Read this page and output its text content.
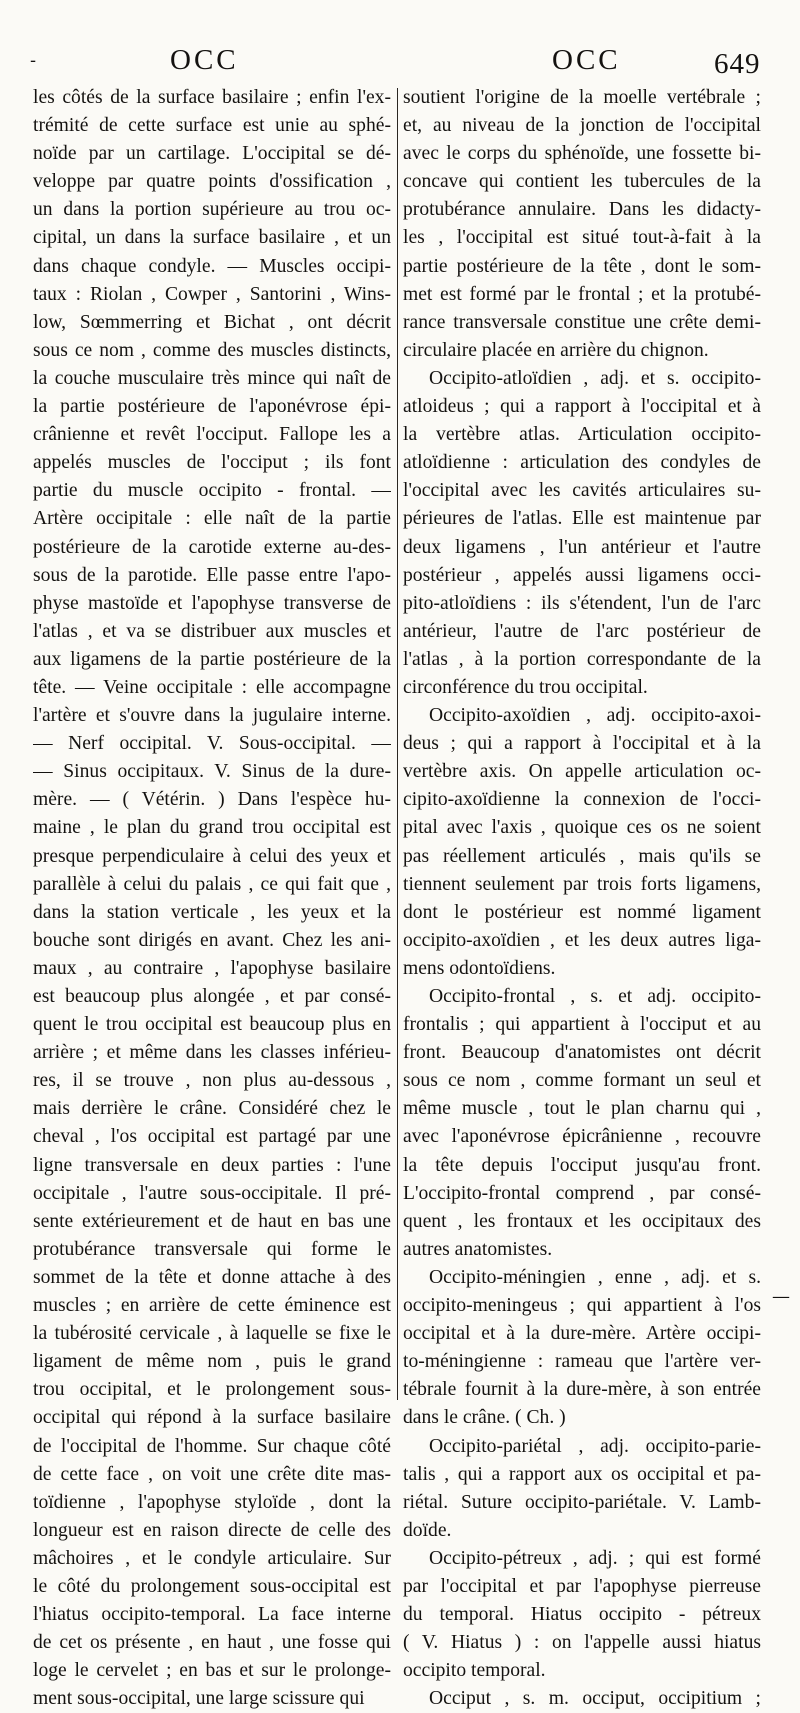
-	OCC	OCC	649
les côtés de la surface basilaire ; enfin l'ex-
trémité de cette surface est unie au sphé-
noïde par un cartilage. L'occipital se dé-
veloppe par quatre points d'ossification ,
un dans la portion supérieure au trou oc-
cipital, un dans la surface basilaire , et un
dans chaque condyle. — Muscles occipi-
taux : Riolan , Cowper , Santorini , Wins-
low, Sœmmerring et Bichat , ont décrit
sous ce nom , comme des muscles distincts,
la couche musculaire très mince qui naît de
la partie postérieure de l'aponévrose épi-
crânienne et revêt l'occiput. Fallope les a
appelés muscles de l'occiput ; ils font
partie du muscle occipito - frontal. —
Artère occipitale : elle naît de la partie
postérieure de la carotide externe au-des-
sous de la parotide. Elle passe entre l'apo-
physe mastoïde et l'apophyse transverse de
l'atlas , et va se distribuer aux muscles et
aux ligamens de la partie postérieure de la
tête. — Veine occipitale : elle accompagne
l'artère et s'ouvre dans la jugulaire interne.
— Nerf occipital. V. Sous-occipital. —
— Sinus occipitaux. V. Sinus de la dure-
mère. — ( Vétérin. ) Dans l'espèce hu-
maine , le plan du grand trou occipital est
presque perpendiculaire à celui des yeux et
parallèle à celui du palais , ce qui fait que ,
dans la station verticale , les yeux et la
bouche sont dirigés en avant. Chez les ani-
maux , au contraire , l'apophyse basilaire
est beaucoup plus alongée , et par consé-
quent le trou occipital est beaucoup plus en
arrière ; et même dans les classes inférieu-
res, il se trouve , non plus au-dessous ,
mais derrière le crâne. Considéré chez le
cheval , l'os occipital est partagé par une
ligne transversale en deux parties : l'une
occipitale , l'autre sous-occipitale. Il pré-
sente extérieurement et de haut en bas une
protubérance transversale qui forme le
sommet de la tête et donne attache à des
muscles ; en arrière de cette éminence est
la tubérosité cervicale , à laquelle se fixe le
ligament de même nom , puis le grand
trou occipital, et le prolongement sous-
occipital qui répond à la surface basilaire
de l'occipital de l'homme. Sur chaque côté
de cette face , on voit une crête dite mas-
toïdienne , l'apophyse styloïde , dont la
longueur est en raison directe de celle des
mâchoires , et le condyle articulaire. Sur
le côté du prolongement sous-occipital est
l'hiatus occipito-temporal. La face interne
de cet os présente , en haut , une fosse qui
loge le cervelet ; en bas et sur le prolonge-
ment sous-occipital, une large scissure qui
soutient l'origine de la moelle vertébrale ;
et, au niveau de la jonction de l'occipital
avec le corps du sphénoïde, une fossette bi-
concave qui contient les tubercules de la
protubérance annulaire. Dans les didacty-
les , l'occipital est situé tout-à-fait à la
partie postérieure de la tête , dont le som-
met est formé par le frontal ; et la protubé-
rance transversale constitue une crête demi-
circulaire placée en arrière du chignon.
Occipito-atloïdien , adj. et s. occipito-
atloideus ; qui a rapport à l'occipital et à
la vertèbre atlas. Articulation occipito-
atloïdienne : articulation des condyles de
l'occipital avec les cavités articulaires su-
périeures de l'atlas. Elle est maintenue par
deux ligamens , l'un antérieur et l'autre
postérieur , appelés aussi ligamens occi-
pito-atloïdiens : ils s'étendent, l'un de l'arc
antérieur, l'autre de l'arc postérieur de
l'atlas , à la portion correspondante de la
circonférence du trou occipital.
Occipito-axoïdien , adj. occipito-axoi-
deus ; qui a rapport à l'occipital et à la
vertèbre axis. On appelle articulation oc-
cipito-axoïdienne la connexion de l'occi-
pital avec l'axis , quoique ces os ne soient
pas réellement articulés , mais qu'ils se
tiennent seulement par trois forts ligamens,
dont le postérieur est nommé ligament
occipito-axoïdien , et les deux autres liga-
mens odontoïdiens.
Occipito-frontal , s. et adj. occipito-
frontalis ; qui appartient à l'occiput et au
front. Beaucoup d'anatomistes ont décrit
sous ce nom , comme formant un seul et
même muscle , tout le plan charnu qui ,
avec l'aponévrose épicrânienne , recouvre
la tête depuis l'occiput jusqu'au front.
L'occipito-frontal comprend , par consé-
quent , les frontaux et les occipitaux des
autres anatomistes.
Occipito-méningien , enne , adj. et s.
occipito-meningeus ; qui appartient à l'os
occipital et à la dure-mère. Artère occipi-
to-méningienne : rameau que l'artère ver-
tébrale fournit à la dure-mère, à son entrée
dans le crâne. ( Ch. )
Occipito-pariétal , adj. occipito-parie-
talis , qui a rapport aux os occipital et pa-
riétal. Suture occipito-pariétale. V. Lamb-
doïde.
Occipito-pétreux , adj. ; qui est formé
par l'occipital et par l'apophyse pierreuse
du temporal. Hiatus occipito - pétreux
( V. Hiatus ) : on l'appelle aussi hiatus
occipito temporal.
Occiput , s. m. occiput, occipitium ;
—
